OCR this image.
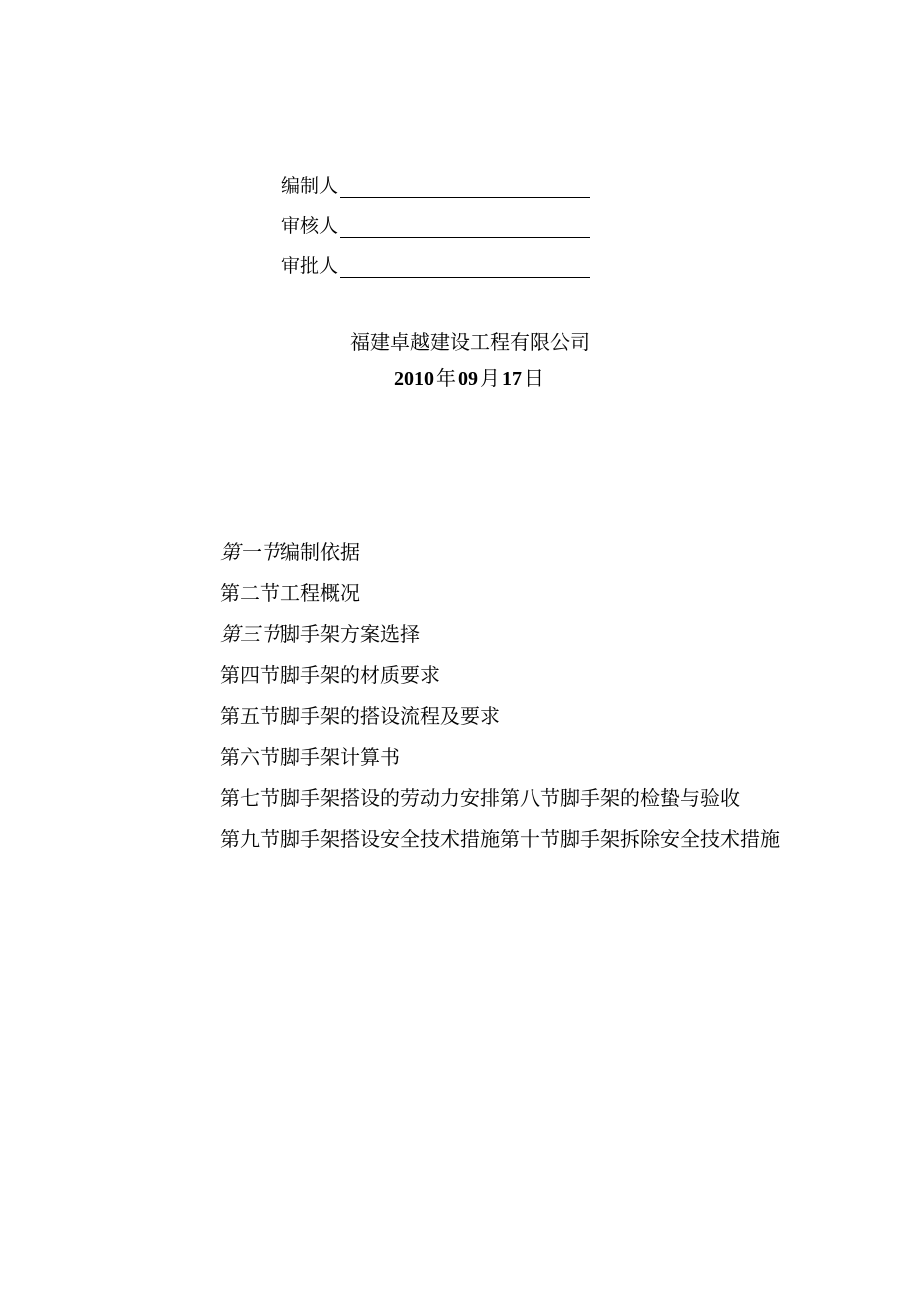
编制人
审核人
审批人
福建卓越建设工程有限公司
2010 年 09 月 17 日
第一节编制依据
第二节工程概况
第三节脚手架方案选择
第四节脚手架的材质要求
第五节脚手架的搭设流程及要求
第六节脚手架计算书
第七节脚手架搭设的劳动力安排第八节脚手架的检蛰与验收
第九节脚手架搭设安全技术措施第十节脚手架拆除安全技术措施
